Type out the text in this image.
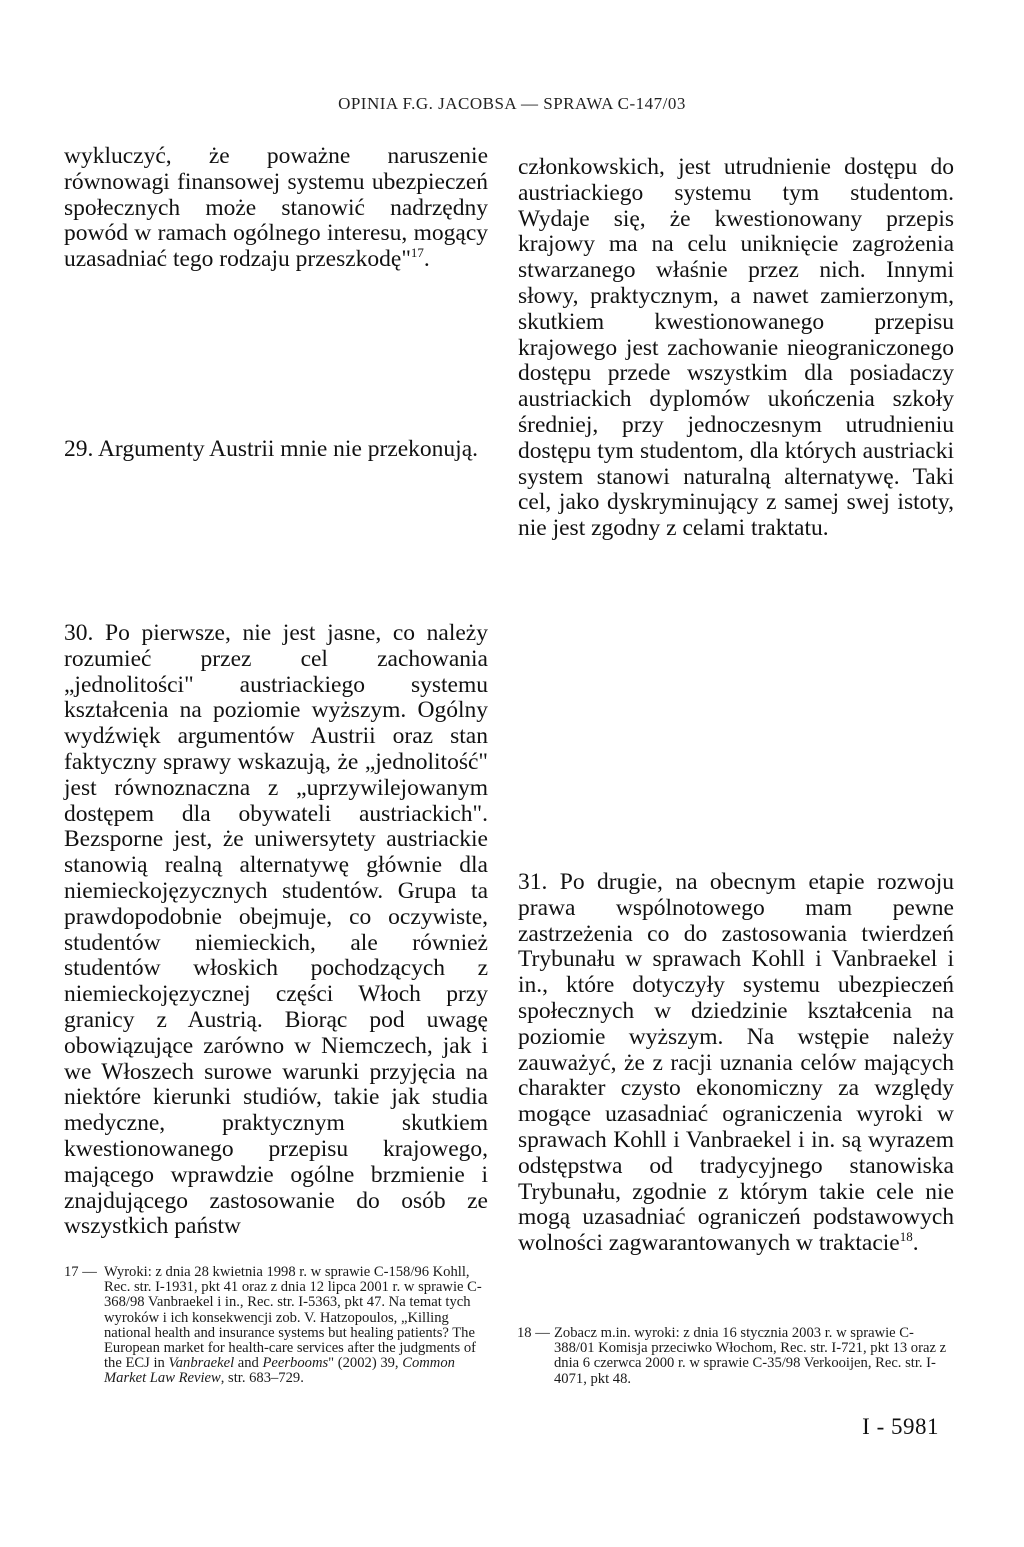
OPINIA F.G. JACOBSA — SPRAWA C-147/03

wykluczyć, że poważne naruszenie równowagi finansowej systemu ubezpieczeń społecznych może stanowić nadrzędny powód w ramach ogólnego interesu, mogący uzasadniać tego rodzaju przeszkodę"$^{17}$.

29. Argumenty Austrii mnie nie przekonują.

członkowskich, jest utrudnienie dostępu do austriackiego systemu tym studentom. Wydaje się, że kwestionowany przepis krajowy ma na celu uniknięcie zagrożenia stwarzanego właśnie przez nich. Innymi słowy, praktycznym, a nawet zamierzonym, skutkiem kwestionowanego przepisu krajowego jest zachowanie nieograniczonego dostępu przede wszystkim dla posiadaczy austriackich dyplomów ukończenia szkoły średniej, przy jednoczesnym utrudnieniu dostępu tym studentom, dla których austriacki system stanowi naturalną alternatywę. Taki cel, jako dyskryminujący z samej swej istoty, nie jest zgodny z celami traktatu.

30. Po pierwsze, nie jest jasne, co należy rozumieć przez cel zachowania „jednolitości" austriackiego systemu kształcenia na poziomie wyższym. Ogólny wydźwięk argumentów Austrii oraz stan faktyczny sprawy wskazują, że „jednolitość" jest równoznaczna z „uprzywilejowanym dostępem dla obywateli austriackich". Bezsporne jest, że uniwersytety austriackie stanowią realną alternatywę głównie dla niemieckojęzycznych studentów. Grupa ta prawdopodobnie obejmuje, co oczywiste, studentów niemieckich, ale również studentów włoskich pochodzących z niemieckojęzycznej części Włoch przy granicy z Austrią. Biorąc pod uwagę obowiązujące zarówno w Niemczech, jak i we Włoszech surowe warunki przyjęcia na niektóre kierunki studiów, takie jak studia medyczne, praktycznym skutkiem kwestionowanego przepisu krajowego, mającego wprawdzie ogólne brzmienie i znajdującego zastosowanie do osób ze wszystkich państw

31. Po drugie, na obecnym etapie rozwoju prawa wspólnotowego mam pewne zastrzeżenia co do zastosowania twierdzeń Trybunału w sprawach Kohll i Vanbraekel i in., które dotyczyły systemu ubezpieczeń społecznych w dziedzinie kształcenia na poziomie wyższym. Na wstępie należy zauważyć, że z racji uznania celów mających charakter czysto ekonomiczny za względy mogące uzasadniać ograniczenia wyroki w sprawach Kohll i Vanbraekel i in. są wyrazem odstępstwa od tradycyjnego stanowiska Trybunału, zgodnie z którym takie cele nie mogą uzasadniać ograniczeń podstawowych wolności zagwarantowanych w traktacie$^{18}$.

17 — Wyroki: z dnia 28 kwietnia 1998 r. w sprawie C-158/96 Kohll, Rec. str. I-1931, pkt 41 oraz z dnia 12 lipca 2001 r. w sprawie C-368/98 Vanbraekel i in., Rec. str. I-5363, pkt 47. Na temat tych wyroków i ich konsekwencji zob. V. Hatzopoulos, „Killing national health and insurance systems but healing patients? The European market for health-care services after the judgments of the ECJ in Vanbraekel and Peerbooms" (2002) 39, Common Market Law Review, str. 683–729.
18 — Zobacz m.in. wyroki: z dnia 16 stycznia 2003 r. w sprawie C-388/01 Komisja przeciwko Włochom, Rec. str. I-721, pkt 13 oraz z dnia 6 czerwca 2000 r. w sprawie C-35/98 Verkooijen, Rec. str. I-4071, pkt 48.
I - 5981
